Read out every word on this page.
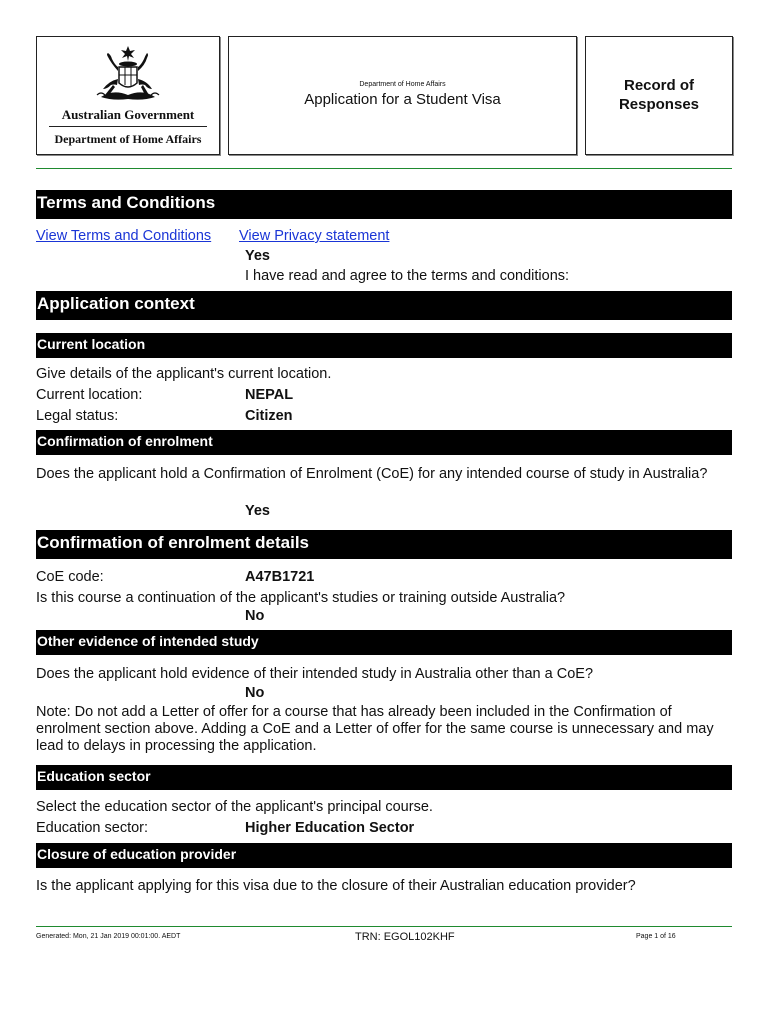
Australian Government
Department of Home Affairs
Department of Home Affairs
Application for a Student Visa
Record of
Responses
Terms and Conditions
View Terms and Conditions View Privacy statement
Yes
I have read and agree to the terms and conditions:
Application context
Current location
Give details of the applicant's current location.
Current location:	NEPAL
Legal status:	Citizen
Confirmation of enrolment
Does the applicant hold a Confirmation of Enrolment (CoE) for any intended course of study in Australia?
Yes
Confirmation of enrolment details
CoE code:	A47B1721
Is this course a continuation of the applicant's studies or training outside Australia?
No
Other evidence of intended study
Does the applicant hold evidence of their intended study in Australia other than a CoE?
No
Note: Do not add a Letter of offer for a course that has already been included in the Confirmation of enrolment section above. Adding a CoE and a Letter of offer for the same course is unnecessary and may lead to delays in processing the application.
Education sector
Select the education sector of the applicant's principal course.
Education sector:	Higher Education Sector
Closure of education provider
Is the applicant applying for this visa due to the closure of their Australian education provider?
Generated: Mon, 21 Jan 2019 00:01:00. AEDT	TRN: EGOL102KHF	Page 1 of 16
